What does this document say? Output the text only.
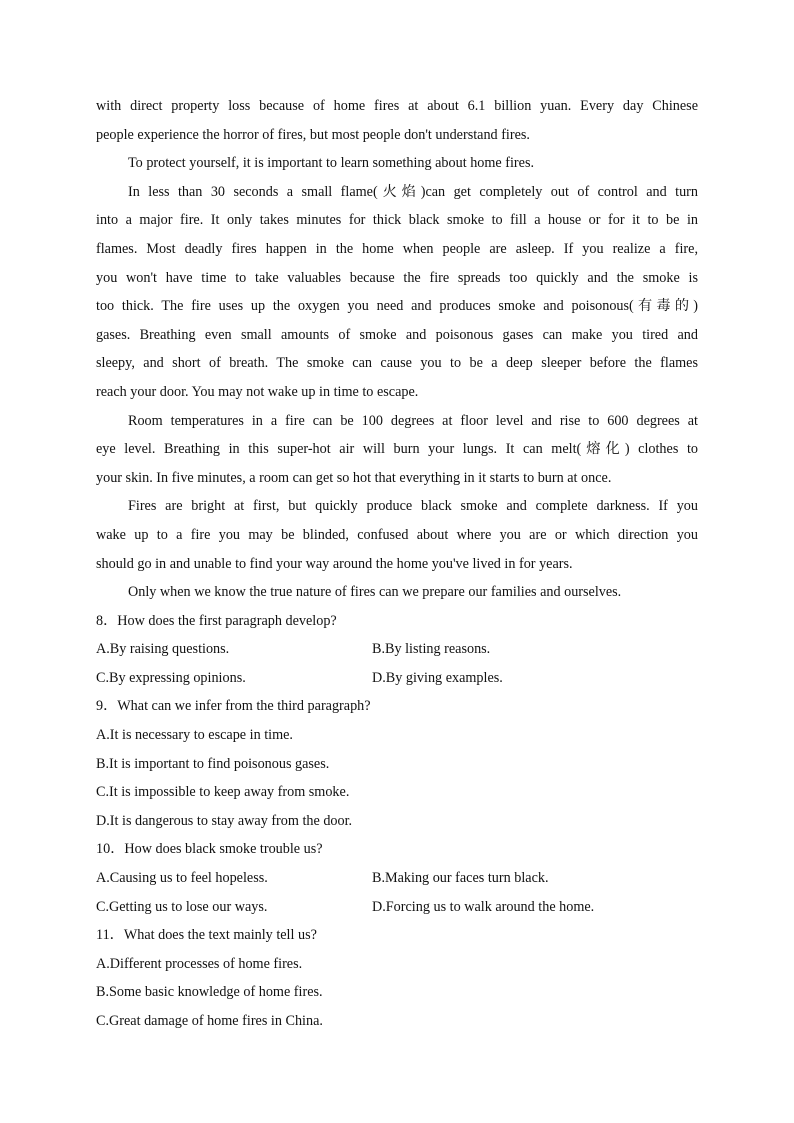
with direct property loss because of home fires at about 6.1 billion yuan. Every day Chinese
people experience the horror of fires, but most people don't understand fires.
To protect yourself, it is important to learn something about home fires.
In less than 30 seconds a small flame(火焰)can get completely out of control and turn
into a major fire. It only takes minutes for thick black smoke to fill a house or for it to be in
flames. Most deadly fires happen in the home when people are asleep. If you realize a fire,
you won't have time to take valuables because the fire spreads too quickly and the smoke is
too thick. The fire uses up the oxygen you need and produces smoke and poisonous(有毒的)
gases. Breathing even small amounts of smoke and poisonous gases can make you tired and
sleepy, and short of breath. The smoke can cause you to be a deep sleeper before the flames
reach your door. You may not wake up in time to escape.
Room temperatures in a fire can be 100 degrees at floor level and rise to 600 degrees at
eye level. Breathing in this super-hot air will burn your lungs. It can melt(熔化) clothes to
your skin. In five minutes, a room can get so hot that everything in it starts to burn at once.
Fires are bright at first, but quickly produce black smoke and complete darkness. If you
wake up to a fire you may be blinded, confused about where you are or which direction you
should go in and unable to find your way around the home you've lived in for years.
Only when we know the true nature of fires can we prepare our families and ourselves.
8．How does the first paragraph develop?
A.By raising questions.	B.By listing reasons.
C.By expressing opinions.	D.By giving examples.
9．What can we infer from the third paragraph?
A.It is necessary to escape in time.
B.It is important to find poisonous gases.
C.It is impossible to keep away from smoke.
D.It is dangerous to stay away from the door.
10．How does black smoke trouble us?
A.Causing us to feel hopeless.	B.Making our faces turn black.
C.Getting us to lose our ways.	D.Forcing us to walk around the home.
11．What does the text mainly tell us?
A.Different processes of home fires.
B.Some basic knowledge of home fires.
C.Great damage of home fires in China.
